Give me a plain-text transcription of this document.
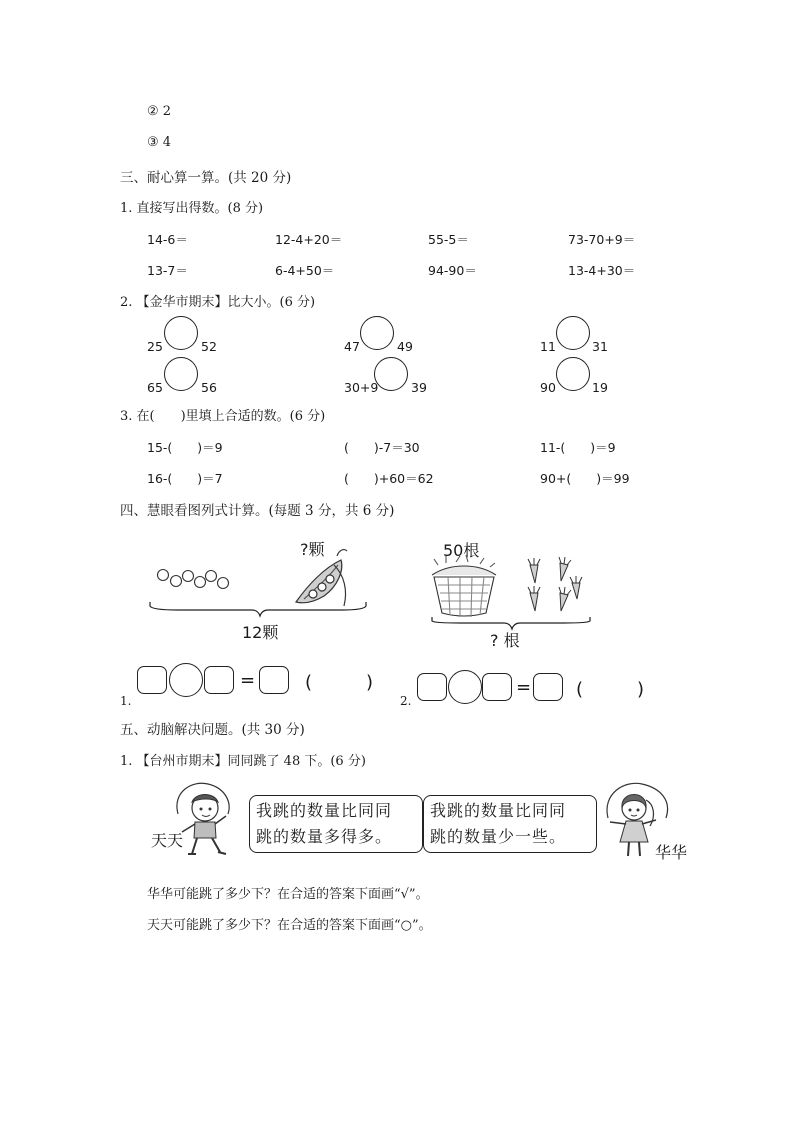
② 2
③ 4
三、耐心算一算。(共 20 分)
1. 直接写出得数。(8 分)
14-6＝	12-4+20＝	55-5＝	73-70+9＝
13-7＝	6-4+50＝	94-90＝	13-4+30＝
2. 【金华市期末】比大小。(6 分)
25	52	47	49	11	31
65	56	30+9	39	90	19
3. 在(　　)里填上合适的数。(6 分)
15-(　　)＝9	(　　)-7＝30	11-(　　)＝9
16-(　　)＝7	(　　)+60＝62	90+(　　)＝99
四、慧眼看图列式计算。(每题 3 分，共 6 分)
?颗
12颗
50根
? 根
1.
=	(　　　)
2.
= (　　　)
五、动脑解决问题。(共 30 分)
1. 【台州市期末】同同跳了 48 下。(6 分)
天天
我跳的数量比同同
跳的数量多得多。
我跳的数量比同同
跳的数量少一些。
华华
华华可能跳了多少下？在合适的答案下面画“√”。
天天可能跳了多少下？在合适的答案下面画“○”。
